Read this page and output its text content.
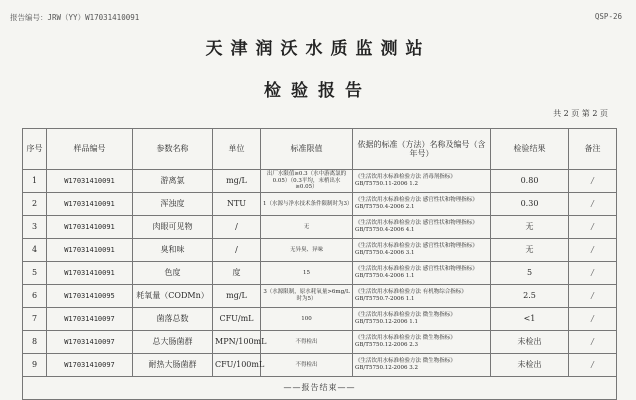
报告编号：JRW（YY）W17031410091	QSP-26
天津润沃水质监测站
检验报告
共 2 页 第 2 页
序号	样品编号	参数名称	单位	标准限值	依据的标准（方法）名称及编号（含年号）	检验结果	备注
1	W17031410091	游离氯	mg/L	出厂水限值≥0.3（水中游离氯的0.05）（0.3平均，末梢出水≥0.05）	《生活饮用水标准检验方法 消毒剂指标》 GB/T5750.11-2006 1.2	0.80	/
2	W17031410091	浑浊度	NTU	1（水源与净水技术条件限制时为3）	《生活饮用水标准检验方法 感官性状和物理指标》 GB/T5750.4-2006 2.1	0.30	/
3	W17031410091	肉眼可见物	/	无	《生活饮用水标准检验方法 感官性状和物理指标》 GB/T5750.4-2006 4.1	无	/
4	W17031410091	臭和味	/	无异臭、异味	《生活饮用水标准检验方法 感官性状和物理指标》 GB/T5750.4-2006 3.1	无	/
5	W17031410091	色度	度	15	《生活饮用水标准检验方法 感官性状和物理指标》 GB/T5750.4-2006 1.1	5	/
6	W17031410095	耗氧量（CODMn）	mg/L	3（水源限制，原水耗氧量>6mg/L时为5）	《生活饮用水标准检验方法 有机物综合指标》 GB/T5750.7-2006 1.1	2.5	/
7	W17031410097	菌落总数	CFU/mL	100	《生活饮用水标准检验方法 微生物指标》 GB/T5750.12-2006 1.1	<1	/
8	W17031410097	总大肠菌群	MPN/100mL	不得检出	《生活饮用水标准检验方法 微生物指标》 GB/T5750.12-2006 2.3	未检出	/
9	W17031410097	耐热大肠菌群	CFU/100mL	不得检出	《生活饮用水标准检验方法 微生物指标》 GB/T5750.12-2006 3.2	未检出	/
——报告结束——							
